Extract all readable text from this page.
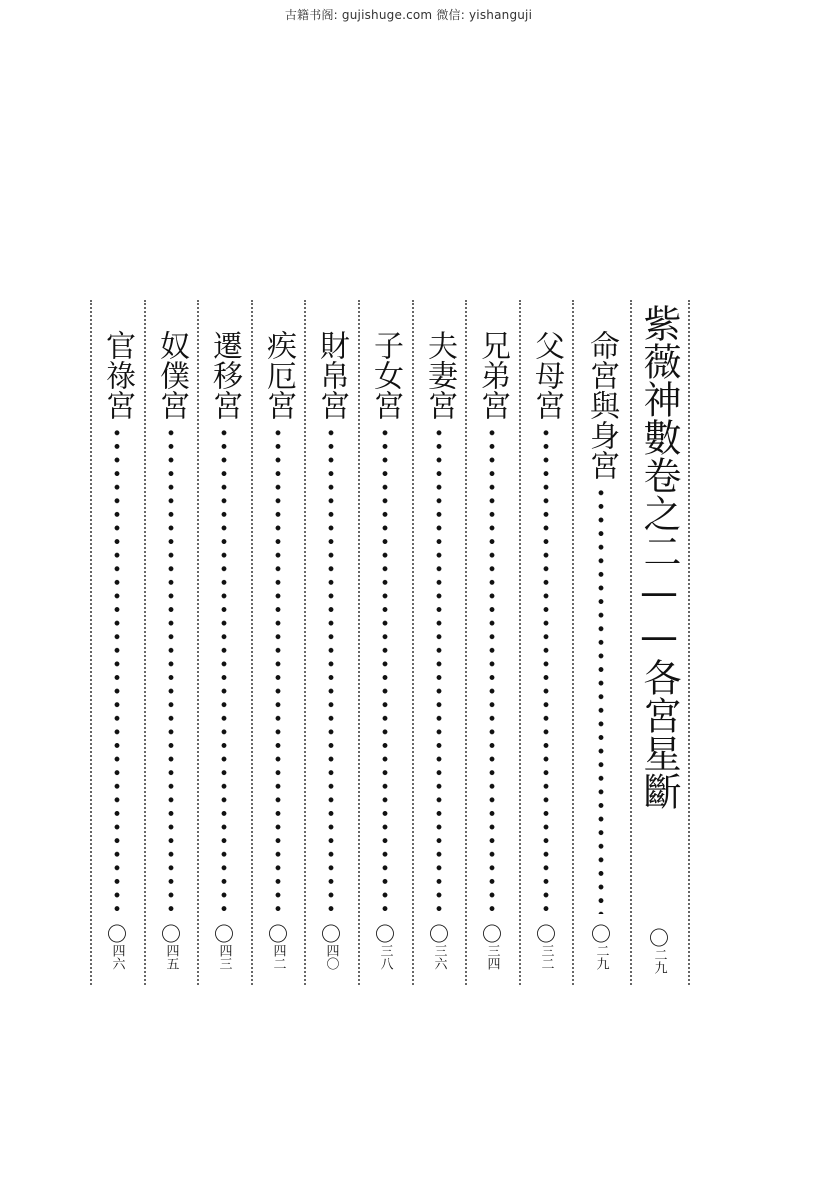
古籍书阁: gujishuge.com 微信: yishanguji
紫薇神數卷之二——各宮星斷
〇
二九
命宮與身宮
〇
二九
父母宮
〇
三二
兄弟宮
〇
三四
夫妻宮
〇
三六
子女宮
〇
三八
財帛宮
〇
四〇
疾厄宮
〇
四二
遷移宮
〇
四三
奴僕宮
〇
四五
官祿宮
〇
四六
